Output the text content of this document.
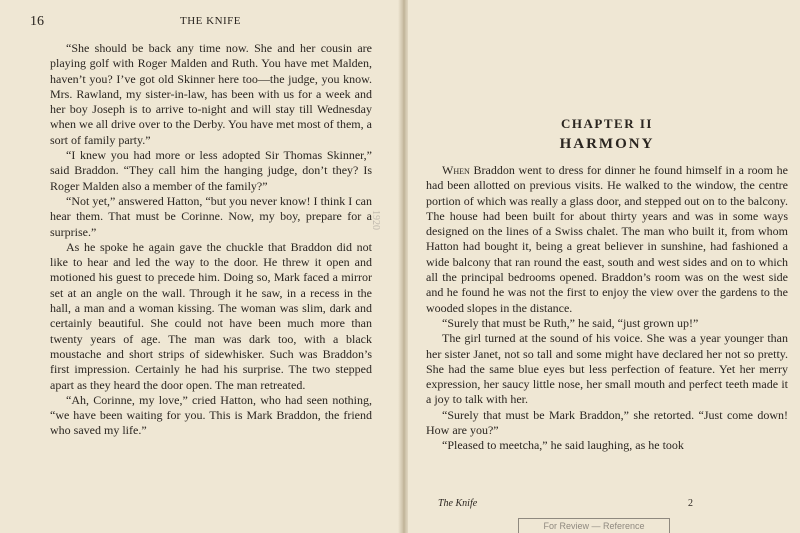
16	THE KNIFE

“She should be back any time now. She and her cousin are playing golf with Roger Malden and Ruth. You have met Malden, haven’t you? I’ve got old Skinner here too—the judge, you know. Mrs. Rawland, my sister-in-law, has been with us for a week and her boy Joseph is to arrive to-night and will stay till Wednesday when we all drive over to the Derby. You have met most of them, a sort of family party.”

“I knew you had more or less adopted Sir Thomas Skinner,” said Braddon. “They call him the hanging judge, don’t they? Is Roger Malden also a member of the family?”

“Not yet,” answered Hatton, “but you never know! I think I can hear them. That must be Corinne. Now, my boy, prepare for a surprise.”

As he spoke he again gave the chuckle that Braddon did not like to hear and led the way to the door. He threw it open and motioned his guest to precede him. Doing so, Mark faced a mirror set at an angle on the wall. Through it he saw, in a recess in the hall, a man and a woman kissing. The woman was slim, dark and certainly beautiful. She could not have been much more than twenty years of age. The man was dark too, with a black moustache and short strips of sidewhisker. Such was Braddon’s first impression. Certainly he had his surprise. The two stepped apart as they heard the door open. The man retreated.

“Ah, Corinne, my love,” cried Hatton, who had seen nothing, “we have been waiting for you. This is Mark Braddon, the friend who saved my life.”

1920
CHAPTER II
HARMONY

When Braddon went to dress for dinner he found himself in a room he had been allotted on previous visits. He walked to the window, the centre portion of which was really a glass door, and stepped out on to the balcony. The house had been built for about thirty years and was in some ways designed on the lines of a Swiss chalet. The man who built it, from whom Hatton had bought it, being a great believer in sunshine, had fashioned a wide balcony that ran round the east, south and west sides and on to which all the principal bedrooms opened. Braddon’s room was on the west side and he found he was not the first to enjoy the view over the gardens to the wooded slopes in the distance.

“Surely that must be Ruth,” he said, “just grown up!”

The girl turned at the sound of his voice. She was a year younger than her sister Janet, not so tall and some might have declared her not so pretty. She had the same blue eyes but less perfection of feature. Yet her merry expression, her saucy little nose, her small mouth and perfect teeth made it a joy to talk with her.

“Surely that must be Mark Braddon,” she retorted. “Just come down! How are you?”

“Pleased to meetcha,” he said laughing, as he took

The Knife	2
For Review — Reference
